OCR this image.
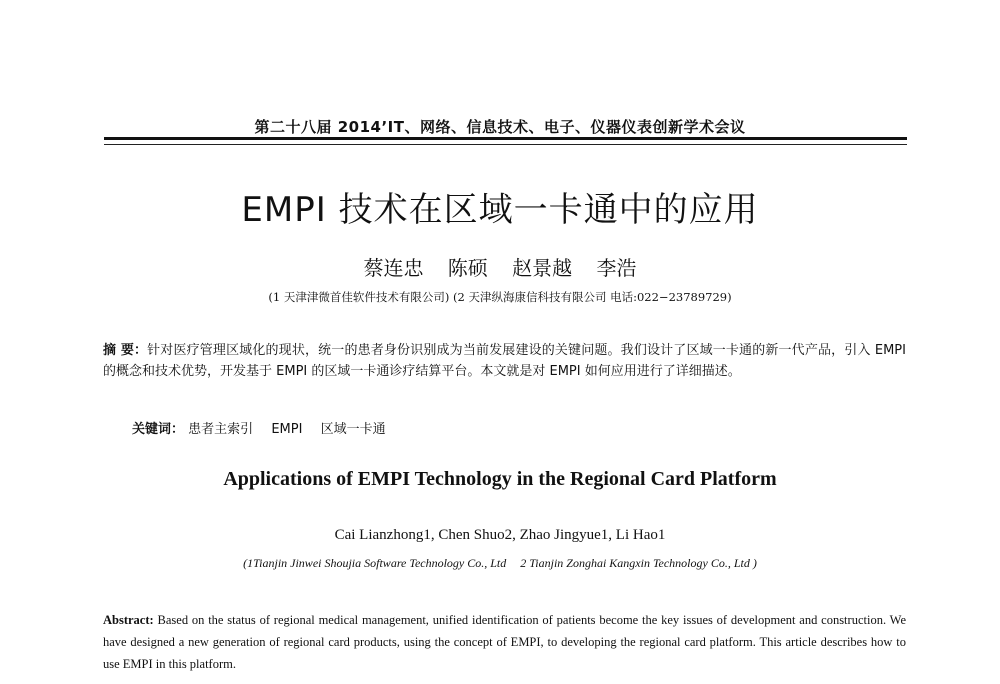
第二十八届 2014’IT、网络、信息技术、电子、仪器仪表创新学术会议
EMPI 技术在区域一卡通中的应用
蔡连忠 陈硕 赵景越 李浩
(1 天津津微首佳软件技术有限公司) (2 天津纵海康信科技有限公司 电话:022−23789729)
摘 要：针对医疗管理区域化的现状，统一的患者身份识别成为当前发展建设的关键问题。我们设计了区域一卡通的新一代产品，引入 EMPI 的概念和技术优势，开发基于 EMPI 的区域一卡通诊疗结算平台。本文就是对 EMPI 如何应用进行了详细描述。
关键词： 患者主索引 EMPI 区域一卡通
Applications of EMPI Technology in the Regional Card Platform
Cai Lianzhong1, Chen Shuo2, Zhao Jingyue1, Li Hao1
(1Tianjin Jinwei Shoujia Software Technology Co., Ltd 2 Tianjin Zonghai Kangxin Technology Co., Ltd )
Abstract: Based on the status of regional medical management, unified identification of patients become the key issues of development and construction. We have designed a new generation of regional card products, using the concept of EMPI, to developing the regional card platform. This article describes how to use EMPI in this platform.
